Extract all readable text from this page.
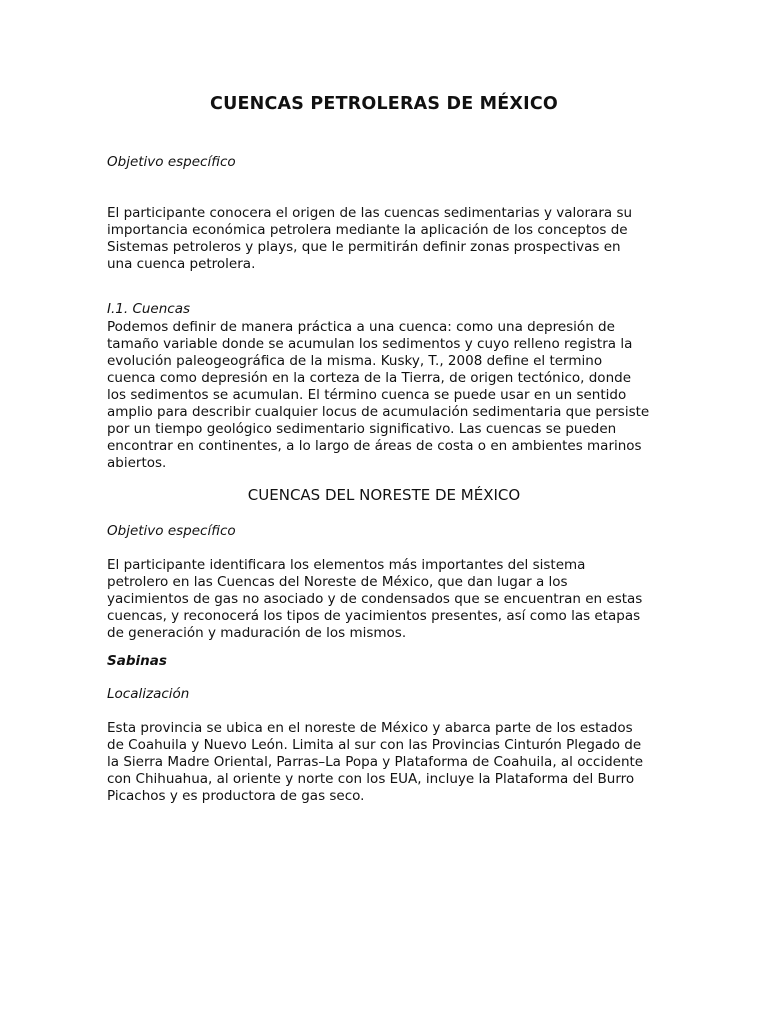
CUENCAS PETROLERAS DE MÉXICO
Objetivo específico

El participante conocera el origen de las cuencas sedimentarias y valorara su
importancia económica petrolera mediante la aplicación de los conceptos de
Sistemas petroleros y plays, que le permitirán definir zonas prospectivas en
una cuenca petrolera.

I.1. Cuencas

Podemos definir de manera práctica a una cuenca: como una depresión de
tamaño variable donde se acumulan los sedimentos y cuyo relleno registra la
evolución paleogeográfica de la misma. Kusky, T., 2008 define el termino
cuenca como depresión en la corteza de la Tierra, de origen tectónico, donde
los sedimentos se acumulan. El término cuenca se puede usar en un sentido
amplio para describir cualquier locus de acumulación sedimentaria que persiste
por un tiempo geológico sedimentario significativo. Las cuencas se pueden
encontrar en continentes, a lo largo de áreas de costa o en ambientes marinos
abiertos.

CUENCAS DEL NORESTE DE MÉXICO
Objetivo específico

El participante identificara los elementos más importantes del sistema
petrolero en las Cuencas del Noreste de México, que dan lugar a los
yacimientos de gas no asociado y de condensados que se encuentran en estas
cuencas, y reconocerá los tipos de yacimientos presentes, así como las etapas
de generación y maduración de los mismos.

Sabinas
Localización

Esta provincia se ubica en el noreste de México y abarca parte de los estados
de Coahuila y Nuevo León. Limita al sur con las Provincias Cinturón Plegado de
la Sierra Madre Oriental, Parras–La Popa y Plataforma de Coahuila, al occidente
con Chihuahua, al oriente y norte con los EUA, incluye la Plataforma del Burro
Picachos y es productora de gas seco.
